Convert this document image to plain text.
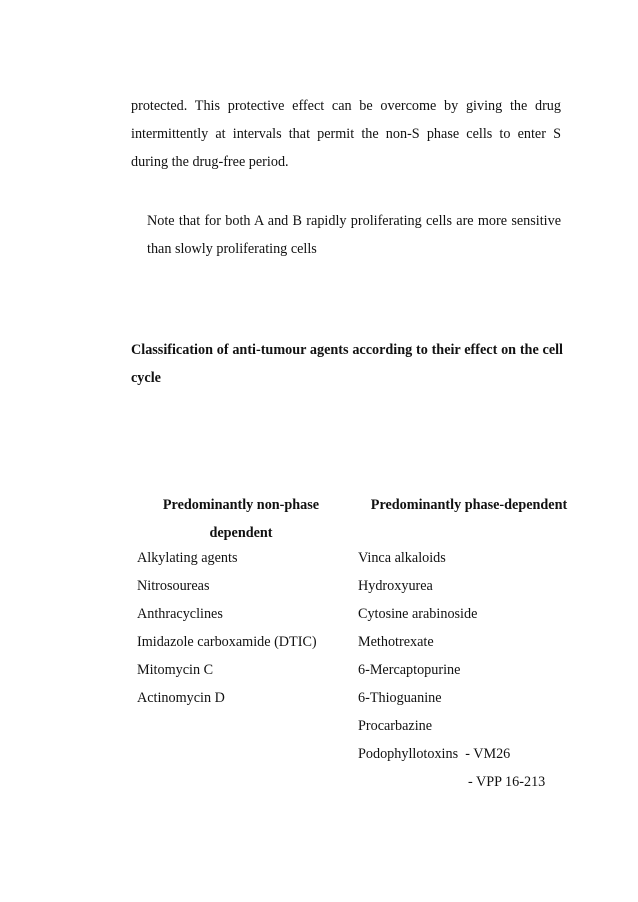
protected. This protective effect can be overcome by giving the drug intermittently at intervals that permit the non-S phase cells to enter S during the drug-free period.

Note that for both A and B rapidly proliferating cells are more sensitive than slowly proliferating cells

Classification of anti-tumour agents according to their effect on the cell cycle

Predominantly non-phase
dependent
Predominantly phase-dependent
Alkylating agents
Nitrosoureas
Anthracyclines
Imidazole carboxamide (DTIC)
Mitomycin C
Actinomycin D
Vinca alkaloids
Hydroxyurea
Cytosine arabinoside
Methotrexate
6-Mercaptopurine
6-Thioguanine
Procarbazine
Podophyllotoxins  - VM26
- VPP 16-213
